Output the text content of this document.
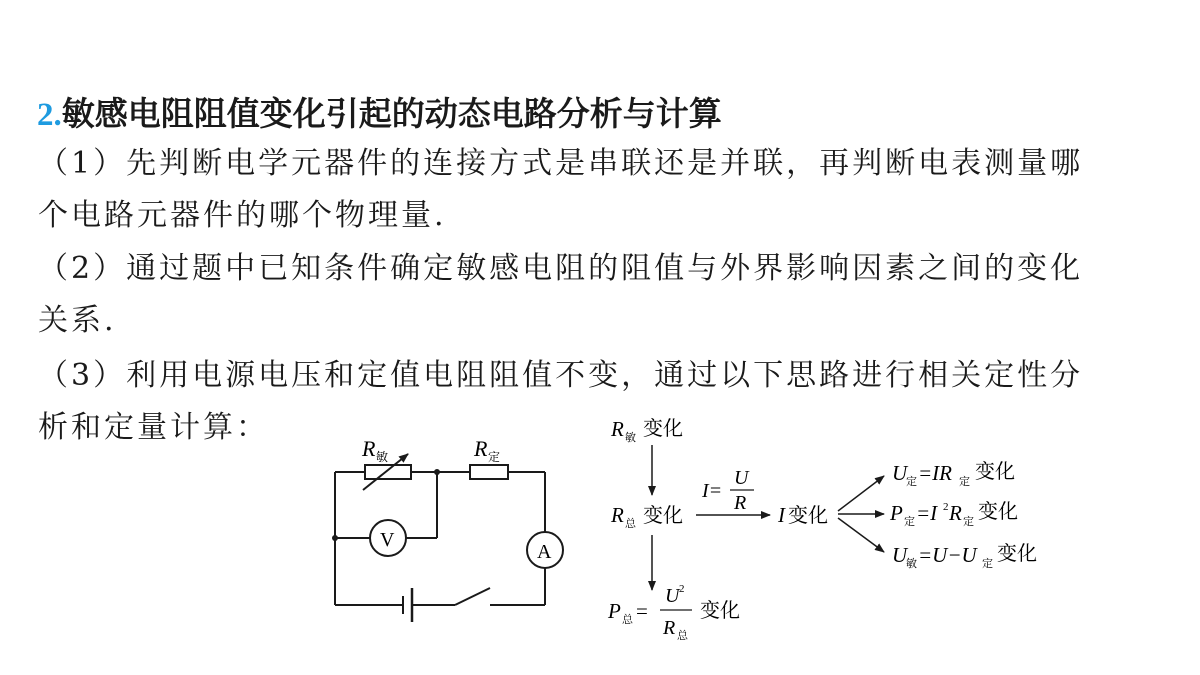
2.敏感电阻阻值变化引起的动态电路分析与计算
（1）先判断电学元器件的连接方式是串联还是并联，再判断电表测量哪
个电路元器件的哪个物理量.
（2）通过题中已知条件确定敏感电阻的阻值与外界影响因素之间的变化
关系.
（3）利用电源电压和定值电阻阻值不变，通过以下思路进行相关定性分
析和定量计算：
R 敏	R 定
V
A
R 敏 变化
R 总 变化
I=
U
R I 变化
U
定 =IR 定 变化
P 定 =I 2 R 定 变化
U
敏 =U−U 定 变化
P 总 =
U 2
R 总
变化
